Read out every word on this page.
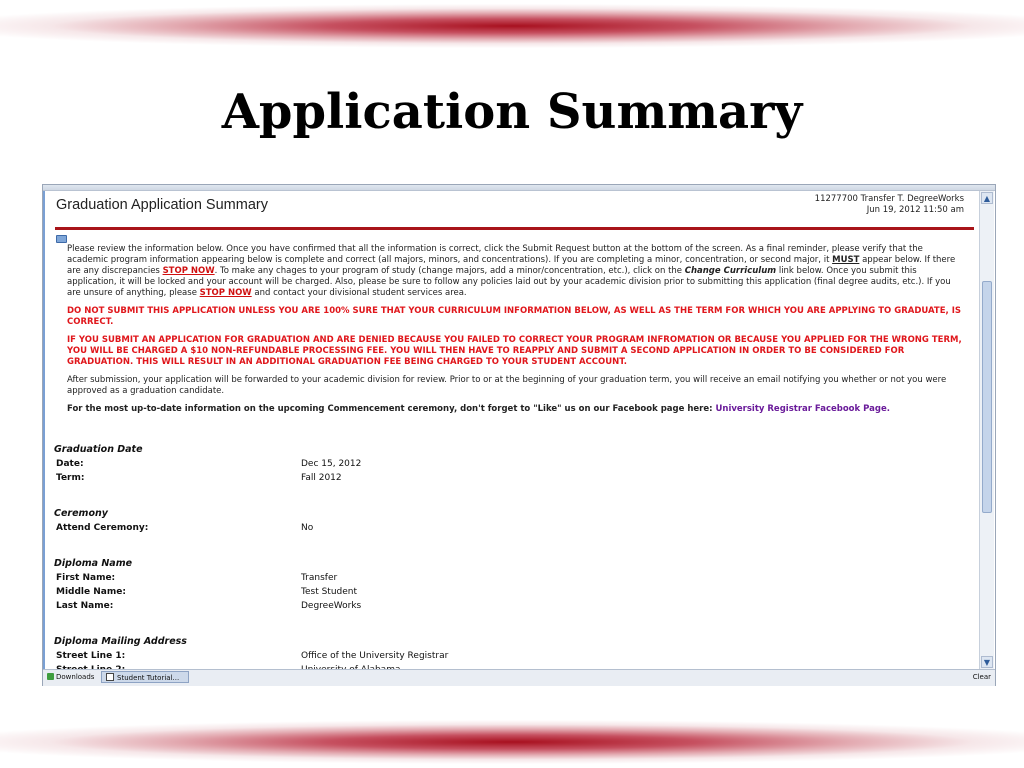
Application Summary
Graduation Application Summary	11277700 Transfer T. DegreeWorks
Jun 19, 2012 11:50 am
Please review the information below. Once you have confirmed that all the information is correct, click the Submit Request button at the bottom of the screen. As a final reminder, please verify that the academic program information appearing below is complete and correct (all majors, minors, and concentrations). If you are completing a minor, concentration, or second major, it MUST appear below. If there are any discrepancies STOP NOW. To make any chages to your program of study (change majors, add a minor/concentration, etc.), click on the Change Curriculum link below. Once you submit this application, it will be locked and your account will be charged. Also, please be sure to follow any policies laid out by your academic division prior to submitting this application (final degree audits, etc.). If you are unsure of anything, please STOP NOW and contact your divisional student services area.
DO NOT SUBMIT THIS APPLICATION UNLESS YOU ARE 100% SURE THAT YOUR CURRICULUM INFORMATION BELOW, AS WELL AS THE TERM FOR WHICH YOU ARE APPLYING TO GRADUATE, IS CORRECT.
IF YOU SUBMIT AN APPLICATION FOR GRADUATION AND ARE DENIED BECAUSE YOU FAILED TO CORRECT YOUR PROGRAM INFROMATION OR BECAUSE YOU APPLIED FOR THE WRONG TERM, YOU WILL BE CHARGED A $10 NON-REFUNDABLE PROCESSING FEE. YOU WILL THEN HAVE TO REAPPLY AND SUBMIT A SECOND APPLICATION IN ORDER TO BE CONSIDERED FOR GRADUATION. THIS WILL RESULT IN AN ADDITIONAL GRADUATION FEE BEING CHARGED TO YOUR STUDENT ACCOUNT.
After submission, your application will be forwarded to your academic division for review. Prior to or at the beginning of your graduation term, you will receive an email notifying you whether or not you were approved as a graduation candidate.
For the most up-to-date information on the upcoming Commencement ceremony, don't forget to "Like" us on our Facebook page here: University Registrar Facebook Page.
Graduation Date
Date:	Dec 15, 2012
Term:	Fall 2012
Ceremony
Attend Ceremony:	No
Diploma Name
First Name:	Transfer
Middle Name:	Test Student
Last Name:	DegreeWorks
Diploma Mailing Address
Street Line 1:	Office of the University Registrar
▲
▼
Downloads	Student Tutorial...	Clear
